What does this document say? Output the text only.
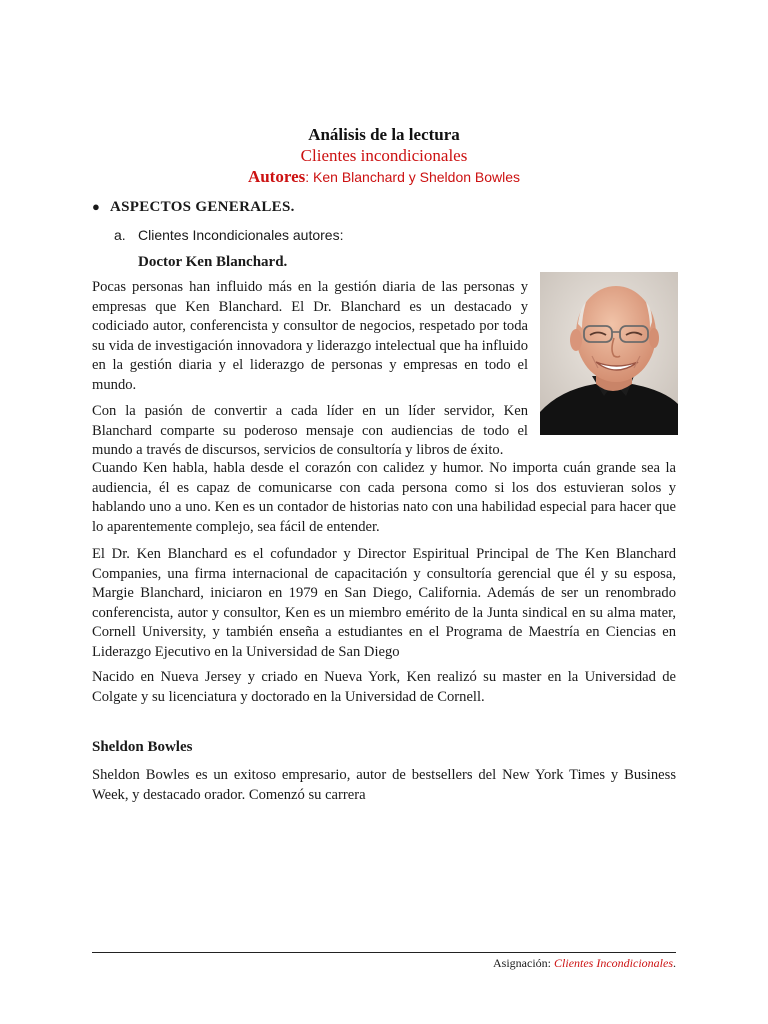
Análisis de la lectura
Clientes incondicionales
Autores: Ken Blanchard y Sheldon Bowles
● ASPECTOS GENERALES.
a. Clientes Incondicionales autores:
Doctor Ken Blanchard.

Pocas personas han influido más en la gestión diaria de las personas y empresas que Ken Blanchard. El Dr. Blanchard es un destacado y codiciado autor, conferencista y consultor de negocios, respetado por toda su vida de investigación innovadora y liderazgo intelectual que ha influido en la gestión diaria y el liderazgo de personas y empresas en todo el mundo.

Con la pasión de convertir a cada líder en un líder servidor, Ken Blanchard comparte su poderoso mensaje con audiencias de todo el mundo a través de discursos, servicios de consultoría y libros de éxito.

Cuando Ken habla, habla desde el corazón con calidez y humor. No importa cuán grande sea la audiencia, él es capaz de comunicarse con cada persona como si los dos estuvieran solos y hablando uno a uno. Ken es un contador de historias nato con una habilidad especial para hacer que lo aparentemente complejo, sea fácil de entender.

El Dr. Ken Blanchard es el cofundador y Director Espiritual Principal de The Ken Blanchard Companies, una firma internacional de capacitación y consultoría gerencial que él y su esposa, Margie Blanchard, iniciaron en 1979 en San Diego, California. Además de ser un renombrado conferencista, autor y consultor, Ken es un miembro emérito de la Junta sindical en su alma mater, Cornell University, y también enseña a estudiantes en el Programa de Maestría en Ciencias en Liderazgo Ejecutivo en la Universidad de San Diego

Nacido en Nueva Jersey y criado en Nueva York, Ken realizó su master en la Universidad de Colgate y su licenciatura y doctorado en la Universidad de Cornell.

Sheldon Bowles

Sheldon Bowles es un exitoso empresario, autor de bestsellers del New York Times y Business Week, y destacado orador. Comenzó su carrera

Asignación: Clientes Incondicionales.
